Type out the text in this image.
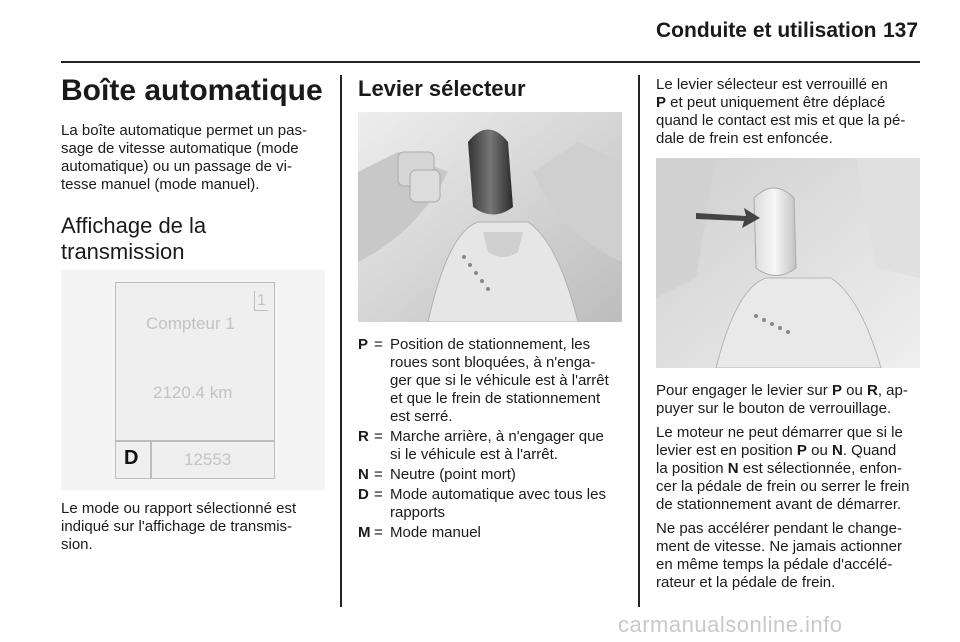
Conduite et utilisation 137
Boîte automatique
La boîte automatique permet un pas-
sage de vitesse automatique (mode
automatique) ou un passage de vi-
tesse manuel (mode manuel).
Affichage de la
transmission
1
Compteur 1
2120.4 km
D	12553
Le mode ou rapport sélectionné est
indiqué sur l'affichage de transmis-
sion.
Levier sélecteur
P = Position de stationnement, les
roues sont bloquées, à n'enga-
ger que si le véhicule est à l'arrêt
et que le frein de stationnement
est serré.
R = Marche arrière, à n'engager que
si le véhicule est à l'arrêt.
N = Neutre (point mort)
D = Mode automatique avec tous les
rapports
M = Mode manuel
Le levier sélecteur est verrouillé en
P et peut uniquement être déplacé
quand le contact est mis et que la pé-
dale de frein est enfoncée.
Pour engager le levier sur P ou R, ap-
puyer sur le bouton de verrouillage.
Le moteur ne peut démarrer que si le
levier est en position P ou N. Quand
la position N est sélectionnée, enfon-
cer la pédale de frein ou serrer le frein
de stationnement avant de démarrer.
Ne pas accélérer pendant le change-
ment de vitesse. Ne jamais actionner
en même temps la pédale d'accélé-
rateur et la pédale de frein.
carmanualsonline.info
